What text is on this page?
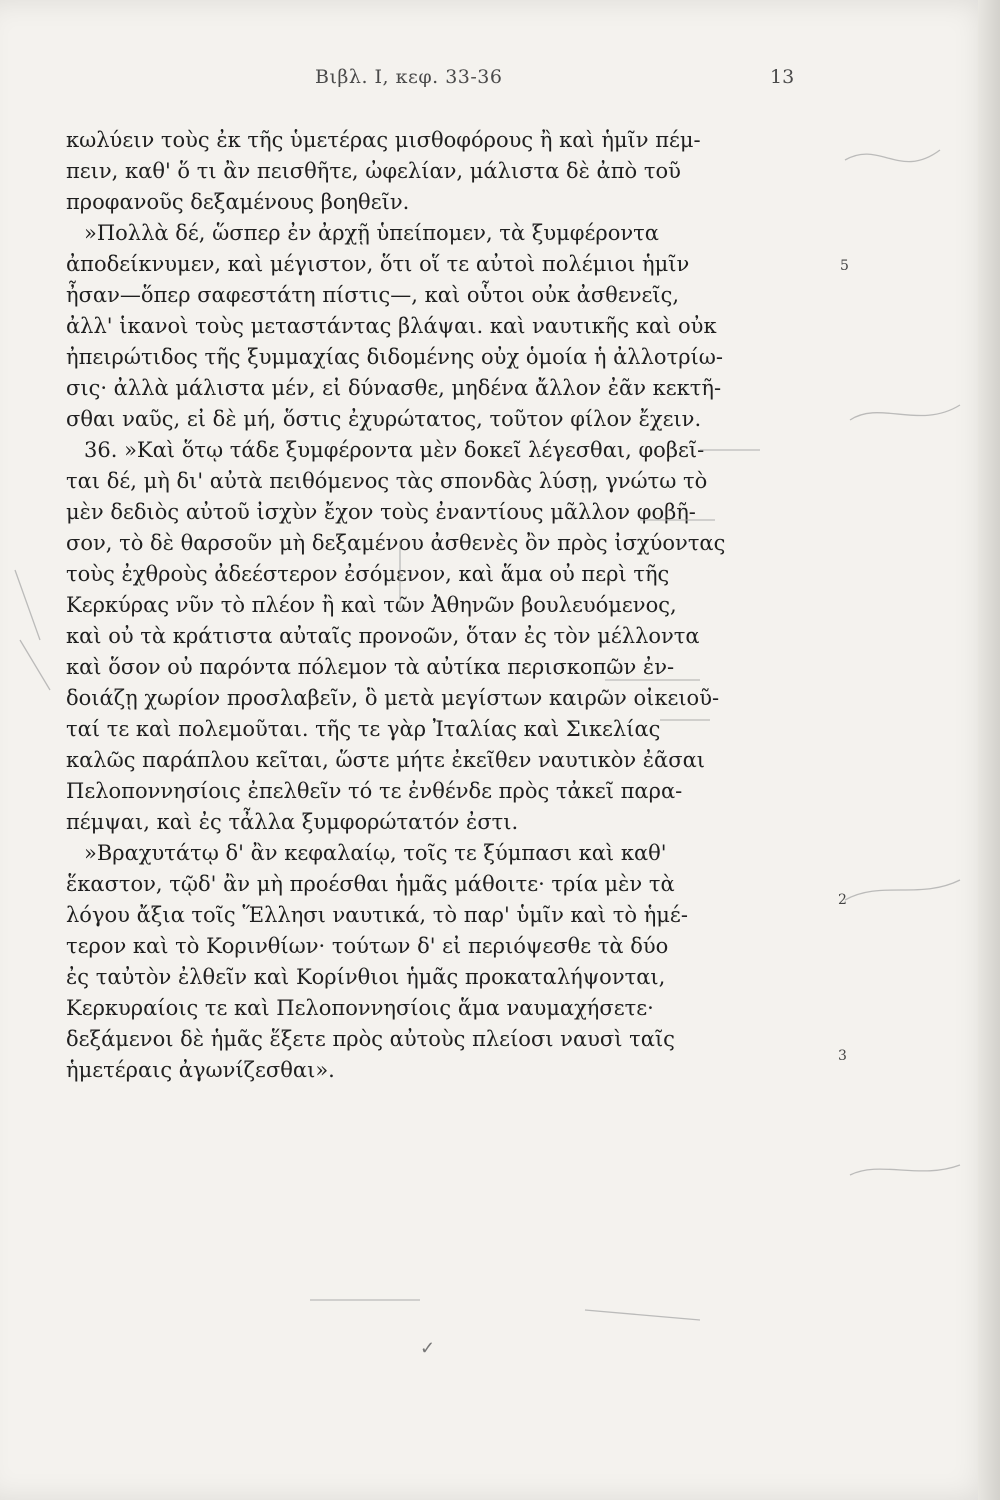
Βιβλ. Ι, κεφ. 33-36	13
κωλύειν τοὺς ἐκ τῆς ὑμετέρας μισθοφόρους ἢ καὶ ἡμῖν πέμ-
πειν, καθ' ὅ τι ἂν πεισθῆτε, ὠφελίαν, μάλιστα δὲ ἀπὸ τοῦ
προφανοῦς δεξαμένους βοηθεῖν.
»Πολλὰ δέ, ὥσπερ ἐν ἀρχῇ ὑπείπομεν, τὰ ξυμφέροντα
ἀποδείκνυμεν, καὶ μέγιστον, ὅτι οἵ τε αὐτοὶ πολέμιοι ἡμῖν
ἦσαν—ὅπερ σαφεστάτη πίστις—, καὶ οὗτοι οὐκ ἀσθενεῖς,
ἀλλ' ἱκανοὶ τοὺς μεταστάντας βλάψαι. καὶ ναυτικῆς καὶ οὐκ
ἠπειρώτιδος τῆς ξυμμαχίας διδομένης οὐχ ὁμοία ἡ ἀλλοτρίω-
σις· ἀλλὰ μάλιστα μέν, εἰ δύνασθε, μηδένα ἄλλον ἐᾶν κεκτῆ-
σθαι ναῦς, εἰ δὲ μή, ὅστις ἐχυρώτατος, τοῦτον φίλον ἔχειν.
36. »Καὶ ὅτῳ τάδε ξυμφέροντα μὲν δοκεῖ λέγεσθαι, φοβεῖ-
ται δέ, μὴ δι' αὐτὰ πειθόμενος τὰς σπονδὰς λύσῃ, γνώτω τὸ
μὲν δεδιὸς αὐτοῦ ἰσχὺν ἔχον τοὺς ἐναντίους μᾶλλον φοβῆ-
σον, τὸ δὲ θαρσοῦν μὴ δεξαμένου ἀσθενὲς ὂν πρὸς ἰσχύοντας
τοὺς ἐχθροὺς ἀδεέστερον ἐσόμενον, καὶ ἅμα οὐ περὶ τῆς
Κερκύρας νῦν τὸ πλέον ἢ καὶ τῶν Ἀθηνῶν βουλευόμενος,
καὶ οὐ τὰ κράτιστα αὐταῖς προνοῶν, ὅταν ἐς τὸν μέλλοντα
καὶ ὅσον οὐ παρόντα πόλεμον τὰ αὐτίκα περισκοπῶν ἐν-
δοιάζῃ χωρίον προσλαβεῖν, ὃ μετὰ μεγίστων καιρῶν οἰκειοῦ-
ταί τε καὶ πολεμοῦται. τῆς τε γὰρ Ἰταλίας καὶ Σικελίας
καλῶς παράπλου κεῖται, ὥστε μήτε ἐκεῖθεν ναυτικὸν ἐᾶσαι
Πελοποννησίοις ἐπελθεῖν τό τε ἐνθένδε πρὸς τἀκεῖ παρα-
πέμψαι, καὶ ἐς τἆλλα ξυμφορώτατόν ἐστι.
»Βραχυτάτῳ δ' ἂν κεφαλαίῳ, τοῖς τε ξύμπασι καὶ καθ'
ἕκαστον, τῷδ' ἂν μὴ προέσθαι ἡμᾶς μάθοιτε· τρία μὲν τὰ
λόγου ἄξια τοῖς Ἕλλησι ναυτικά, τὸ παρ' ὑμῖν καὶ τὸ ἡμέ-
τερον καὶ τὸ Κορινθίων· τούτων δ' εἰ περιόψεσθε τὰ δύο
ἐς ταὐτὸν ἐλθεῖν καὶ Κορίνθιοι ἡμᾶς προκαταλήψονται,
Κερκυραίοις τε καὶ Πελοποννησίοις ἅμα ναυμαχήσετε·
δεξάμενοι δὲ ἡμᾶς ἕξετε πρὸς αὐτοὺς πλείοσι ναυσὶ ταῖς
ἡμετέραις ἀγωνίζεσθαι».
5
2
3
✓
